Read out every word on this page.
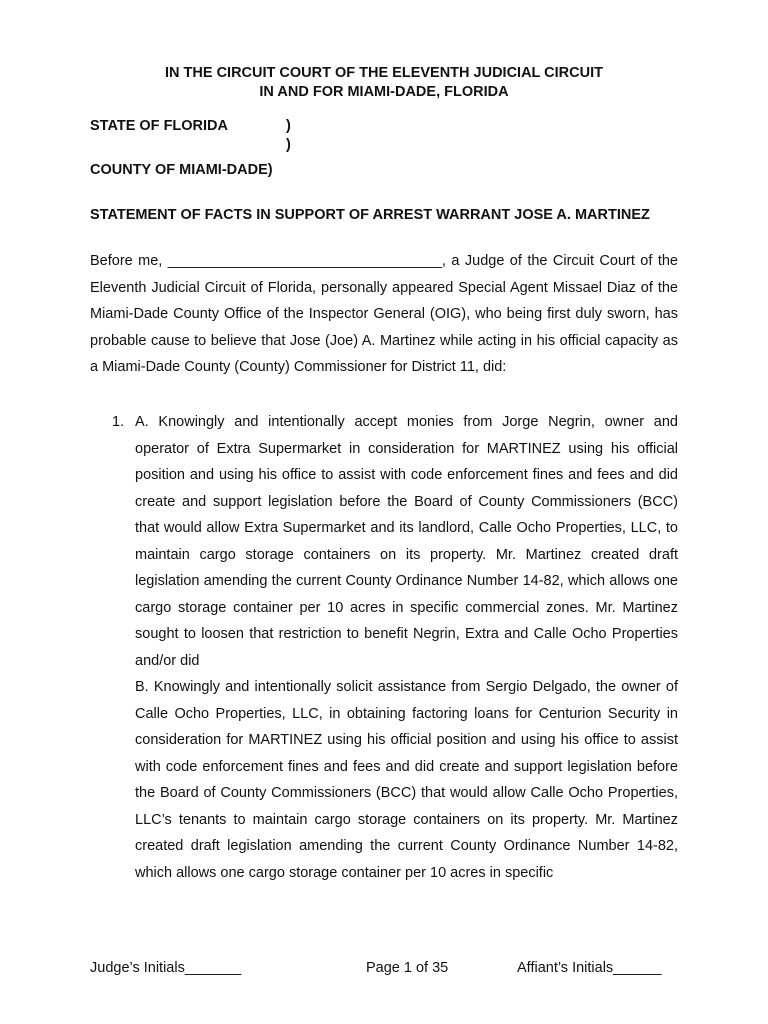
IN THE CIRCUIT COURT OF THE ELEVENTH JUDICIAL CIRCUIT
IN AND FOR MIAMI-DADE, FLORIDA
STATE OF FLORIDA	)
)
COUNTY OF MIAMI-DADE)
STATEMENT OF FACTS IN SUPPORT OF ARREST WARRANT JOSE A. MARTINEZ
Before me, __________________________________, a Judge of the Circuit Court of the Eleventh Judicial Circuit of Florida, personally appeared Special Agent Missael Diaz of the Miami-Dade County Office of the Inspector General (OIG), who being first duly sworn, has probable cause to believe that Jose (Joe) A. Martinez while acting in his official capacity as a Miami-Dade County (County) Commissioner for District 11, did:
1. A. Knowingly and intentionally accept monies from Jorge Negrin, owner and operator of Extra Supermarket in consideration for MARTINEZ using his official position and using his office to assist with code enforcement fines and fees and did create and support legislation before the Board of County Commissioners (BCC) that would allow Extra Supermarket and its landlord, Calle Ocho Properties, LLC, to maintain cargo storage containers on its property. Mr. Martinez created draft legislation amending the current County Ordinance Number 14-82, which allows one cargo storage container per 10 acres in specific commercial zones. Mr. Martinez sought to loosen that restriction to benefit Negrin, Extra and Calle Ocho Properties and/or did

B. Knowingly and intentionally solicit assistance from Sergio Delgado, the owner of Calle Ocho Properties, LLC, in obtaining factoring loans for Centurion Security in consideration for MARTINEZ using his official position and using his office to assist with code enforcement fines and fees and did create and support legislation before the Board of County Commissioners (BCC) that would allow Calle Ocho Properties, LLC’s tenants to maintain cargo storage containers on its property. Mr. Martinez created draft legislation amending the current County Ordinance Number 14-82, which allows one cargo storage container per 10 acres in specific

Judge’s Initials_______	Page 1 of 35	Affiant’s Initials______
